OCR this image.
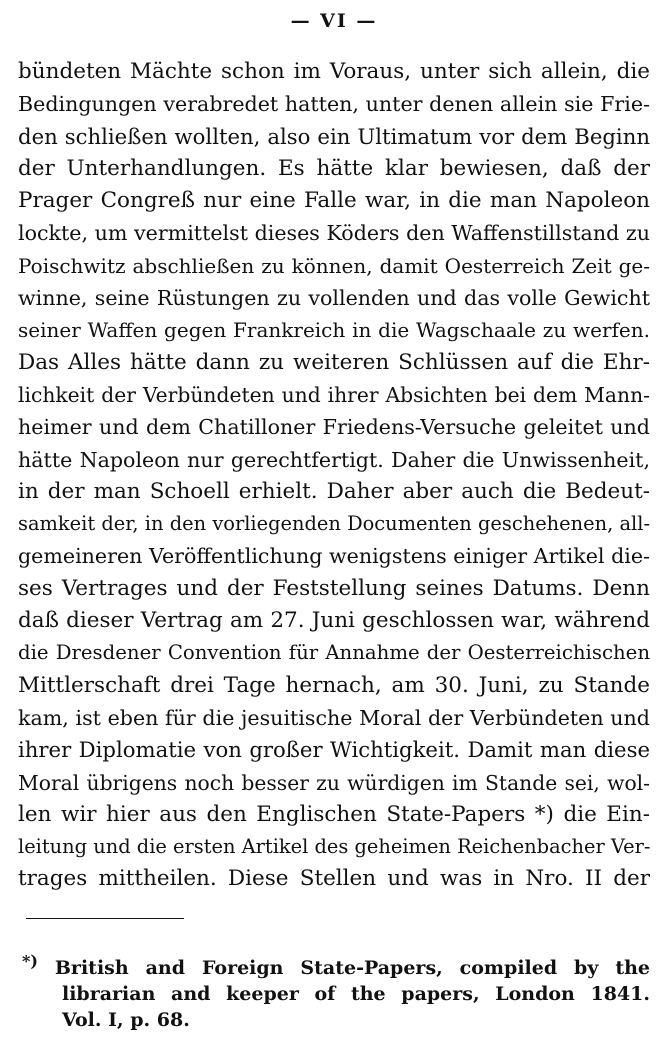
— VI —
bündeten Mächte schon im Voraus, unter sich allein, die
Bedingungen verabredet hatten, unter denen allein sie Frie-
den schließen wollten, also ein Ultimatum vor dem Beginn
der Unterhandlungen. Es hätte klar bewiesen, daß der
Prager Congreß nur eine Falle war, in die man Napoleon
lockte, um vermittelst dieses Köders den Waffenstillstand zu
Poischwitz abschließen zu können, damit Oesterreich Zeit ge-
winne, seine Rüstungen zu vollenden und das volle Gewicht
seiner Waffen gegen Frankreich in die Wagschaale zu werfen.
Das Alles hätte dann zu weiteren Schlüssen auf die Ehr-
lichkeit der Verbündeten und ihrer Absichten bei dem Mann-
heimer und dem Chatilloner Friedens-Versuche geleitet und
hätte Napoleon nur gerechtfertigt. Daher die Unwissenheit,
in der man Schoell erhielt. Daher aber auch die Bedeut-
samkeit der, in den vorliegenden Documenten geschehenen, all-
gemeineren Veröffentlichung wenigstens einiger Artikel die-
ses Vertrages und der Feststellung seines Datums. Denn
daß dieser Vertrag am 27. Juni geschlossen war, während
die Dresdener Convention für Annahme der Oesterreichischen
Mittlerschaft drei Tage hernach, am 30. Juni, zu Stande
kam, ist eben für die jesuitische Moral der Verbündeten und
ihrer Diplomatie von großer Wichtigkeit. Damit man diese
Moral übrigens noch besser zu würdigen im Stande sei, wol-
len wir hier aus den Englischen State-Papers *) die Ein-
leitung und die ersten Artikel des geheimen Reichenbacher Ver-
trages mittheilen. Diese Stellen und was in Nro. II der
*) British and Foreign State-Papers, compiled by the
librarian and keeper of the papers, London 1841.
Vol. I, p. 68.
